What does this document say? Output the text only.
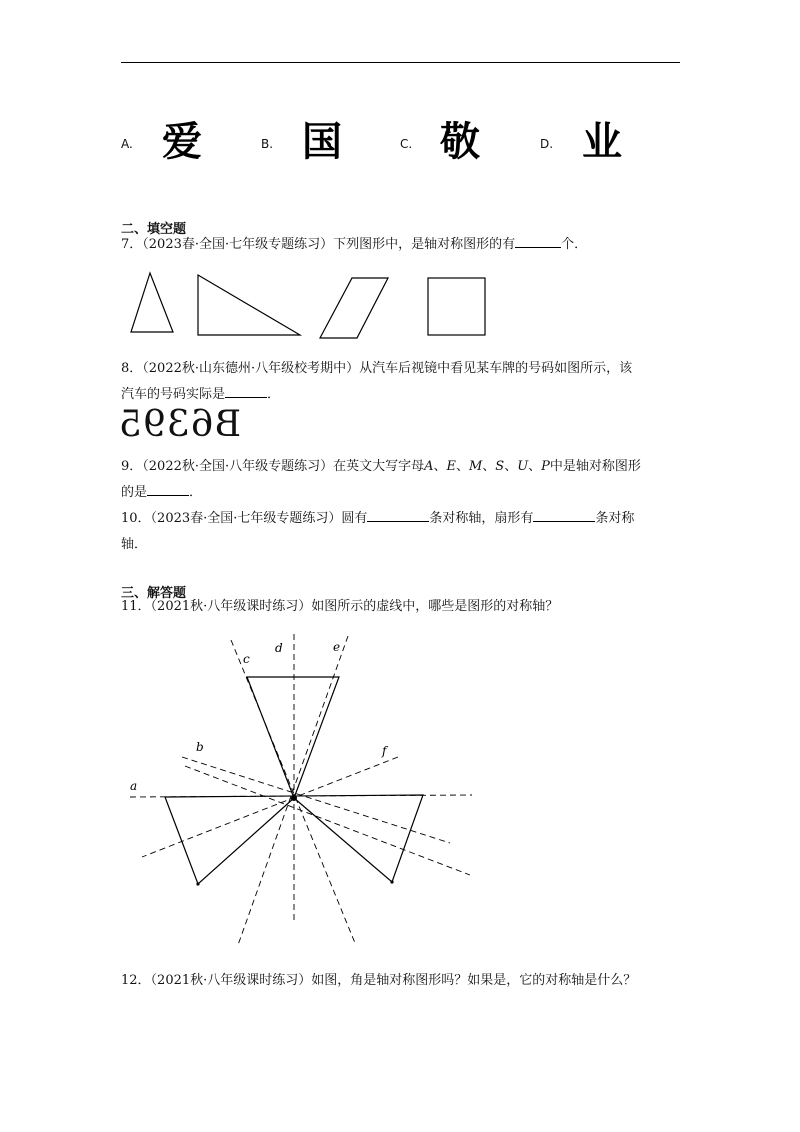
A. 爱	B. 国	C. 敬	D. 业
二、填空题
7．（2023春·全国·七年级专题练习）下列图形中，是轴对称图形的有	个．
8．（2022秋·山东德州·八年级校考期中）从汽车后视镜中看见某车牌的号码如图所示，该
汽车的号码实际是	．
B6395
9．（2022秋·全国·八年级专题练习）在英文大写字母𝐴、𝐸、𝑀、𝑆、𝑈、𝑃中是轴对称图形
的是	．
10．（2023春·全国·七年级专题练习）圆有	条对称轴，扇形有	条对称
轴．
三、解答题
11．（2021秋·八年级课时练习）如图所示的虚线中，哪些是图形的对称轴？
a
b
c
d	e
f
12．（2021秋·八年级课时练习）如图，角是轴对称图形吗？如果是，它的对称轴是什么？
